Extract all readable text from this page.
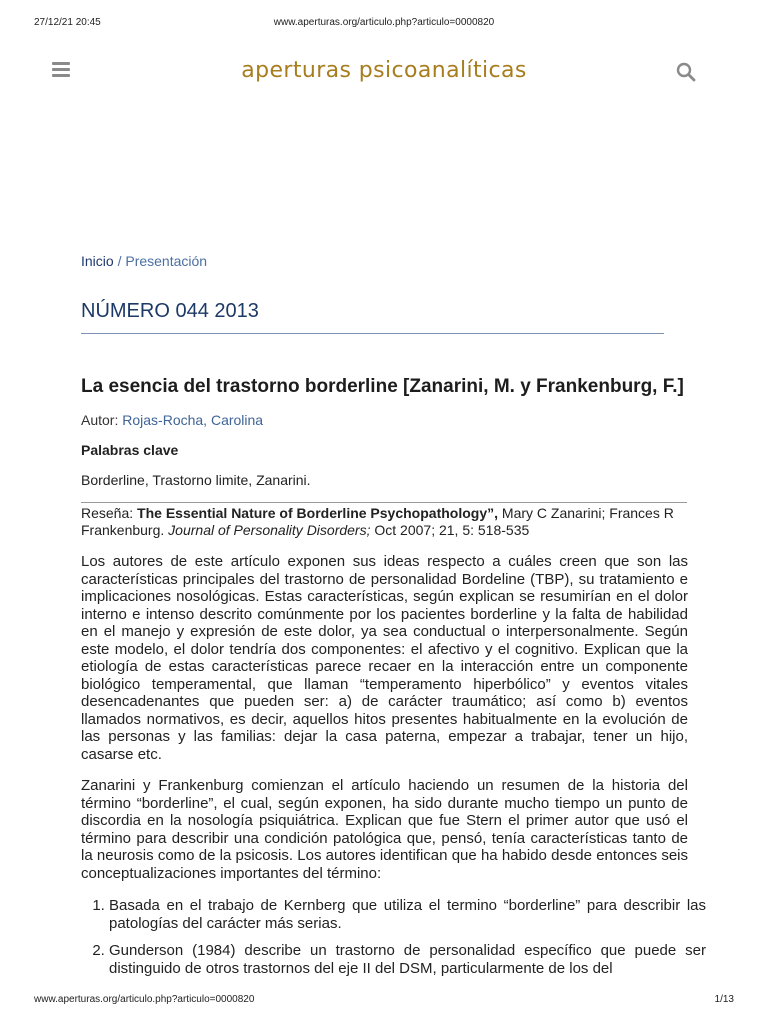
27/12/21 20:45	www.aperturas.org/articulo.php?articulo=0000820
aperturas psicoanalíticas
Inicio / Presentación
NÚMERO 044 2013
La esencia del trastorno borderline [Zanarini, M. y Frankenburg, F.]
Autor: Rojas-Rocha, Carolina
Palabras clave
Borderline, Trastorno limite, Zanarini.
Reseña: The Essential Nature of Borderline Psychopathology”, Mary C Zanarini; Frances R Frankenburg. Journal of Personality Disorders; Oct 2007; 21, 5: 518-535
Los autores de este artículo exponen sus ideas respecto a cuáles creen que son las características principales del trastorno de personalidad Bordeline (TBP), su tratamiento e implicaciones nosológicas. Estas características, según explican se resumirían en el dolor interno e intenso descrito comúnmente por los pacientes borderline y la falta de habilidad en el manejo y expresión de este dolor, ya sea conductual o interpersonalmente. Según este modelo, el dolor tendría dos componentes: el afectivo y el cognitivo. Explican que la etiología de estas características parece recaer en la interacción entre un componente biológico temperamental, que llaman “temperamento hiperbólico” y eventos vitales desencadenantes que pueden ser: a) de carácter traumático; así como b) eventos llamados normativos, es decir, aquellos hitos presentes habitualmente en la evolución de las personas y las familias: dejar la casa paterna, empezar a trabajar, tener un hijo, casarse etc.
Zanarini y Frankenburg comienzan el artículo haciendo un resumen de la historia del término “borderline”, el cual, según exponen, ha sido durante mucho tiempo un punto de discordia en la nosología psiquiátrica. Explican que fue Stern el primer autor que usó el término para describir una condición patológica que, pensó, tenía características tanto de la neurosis como de la psicosis. Los autores identifican que ha habido desde entonces seis conceptualizaciones importantes del término:
1. Basada en el trabajo de Kernberg que utiliza el termino “borderline” para describir las patologías del carácter más serias.
2. Gunderson (1984) describe un trastorno de personalidad específico que puede ser distinguido de otros trastornos del eje II del DSM, particularmente de los del
www.aperturas.org/articulo.php?articulo=0000820	1/13
